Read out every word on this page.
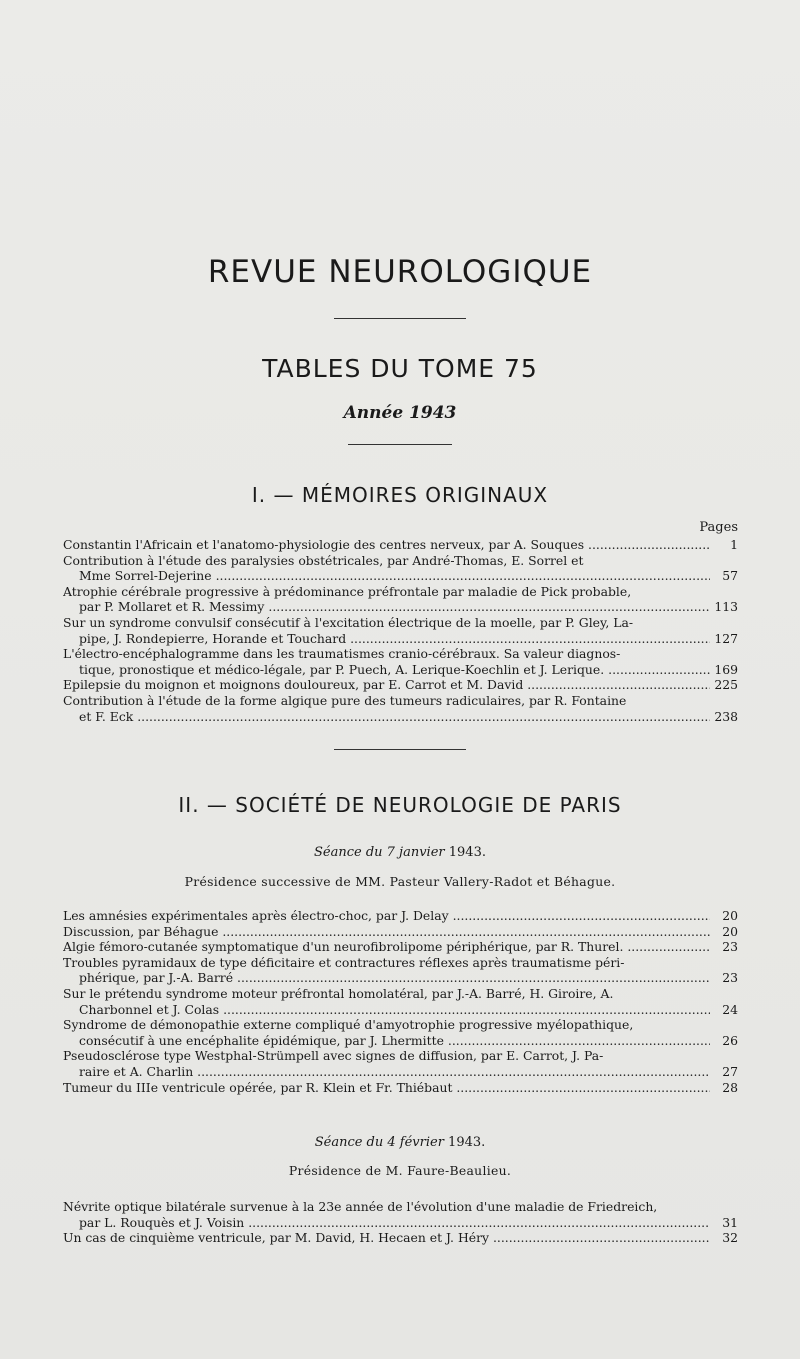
REVUE NEUROLOGIQUE
TABLES DU TOME 75
Année 1943
I. — MÉMOIRES ORIGINAUX
Pages
Constantin l'Africain et l'anatomo-physiologie des centres nerveux, par A. Souques .....	1
Contribution à l'étude des paralysies obstétricales, par André-Thomas, E. Sorrel et
Mme Sorrel-Dejerine .....	57
Atrophie cérébrale progressive à prédominance préfrontale par maladie de Pick probable,
par P. Mollaret et R. Messimy .....	113
Sur un syndrome convulsif consécutif à l'excitation électrique de la moelle, par P. Gley, La-
pipe, J. Rondepierre, Horande et Touchard .....	127
L'électro-encéphalogramme dans les traumatismes cranio-cérébraux. Sa valeur diagnos-
tique, pronostique et médico-légale, par P. Puech, A. Lerique-Koechlin et J. Lerique. .....	169
Epilepsie du moignon et moignons douloureux, par E. Carrot et M. David .....	225
Contribution à l'étude de la forme algique pure des tumeurs radiculaires, par R. Fontaine
et F. Eck .....	238
II. — SOCIÉTÉ DE NEUROLOGIE DE PARIS
Séance du 7 janvier 1943.
Présidence successive de MM. Pasteur Vallery-Radot et Béhague.
Les amnésies expérimentales après électro-choc, par J. Delay .....	20
Discussion, par Béhague .....	20
Algie fémoro-cutanée symptomatique d'un neurofibrolipome périphérique, par R. Thurel. .....	23
Troubles pyramidaux de type déficitaire et contractures réflexes après traumatisme péri-
phérique, par J.-A. Barré .....	23
Sur le prétendu syndrome moteur préfrontal homolatéral, par J.-A. Barré, H. Giroire, A.
Charbonnel et J. Colas .....	24
Syndrome de démonopathie externe compliqué d'amyotrophie progressive myélopathique,
consécutif à une encéphalite épidémique, par J. Lhermitte .....	26
Pseudosclérose type Westphal-Strümpell avec signes de diffusion, par E. Carrot, J. Pa-
raire et A. Charlin .....	27
Tumeur du IIIe ventricule opérée, par R. Klein et Fr. Thiébaut .....	28
Séance du 4 février 1943.
Présidence de M. Faure-Beaulieu.
Névrite optique bilatérale survenue à la 23e année de l'évolution d'une maladie de Friedreich,
par L. Rouquès et J. Voisin .....	31
Un cas de cinquième ventricule, par M. David, H. Hecaen et J. Héry .....	32
